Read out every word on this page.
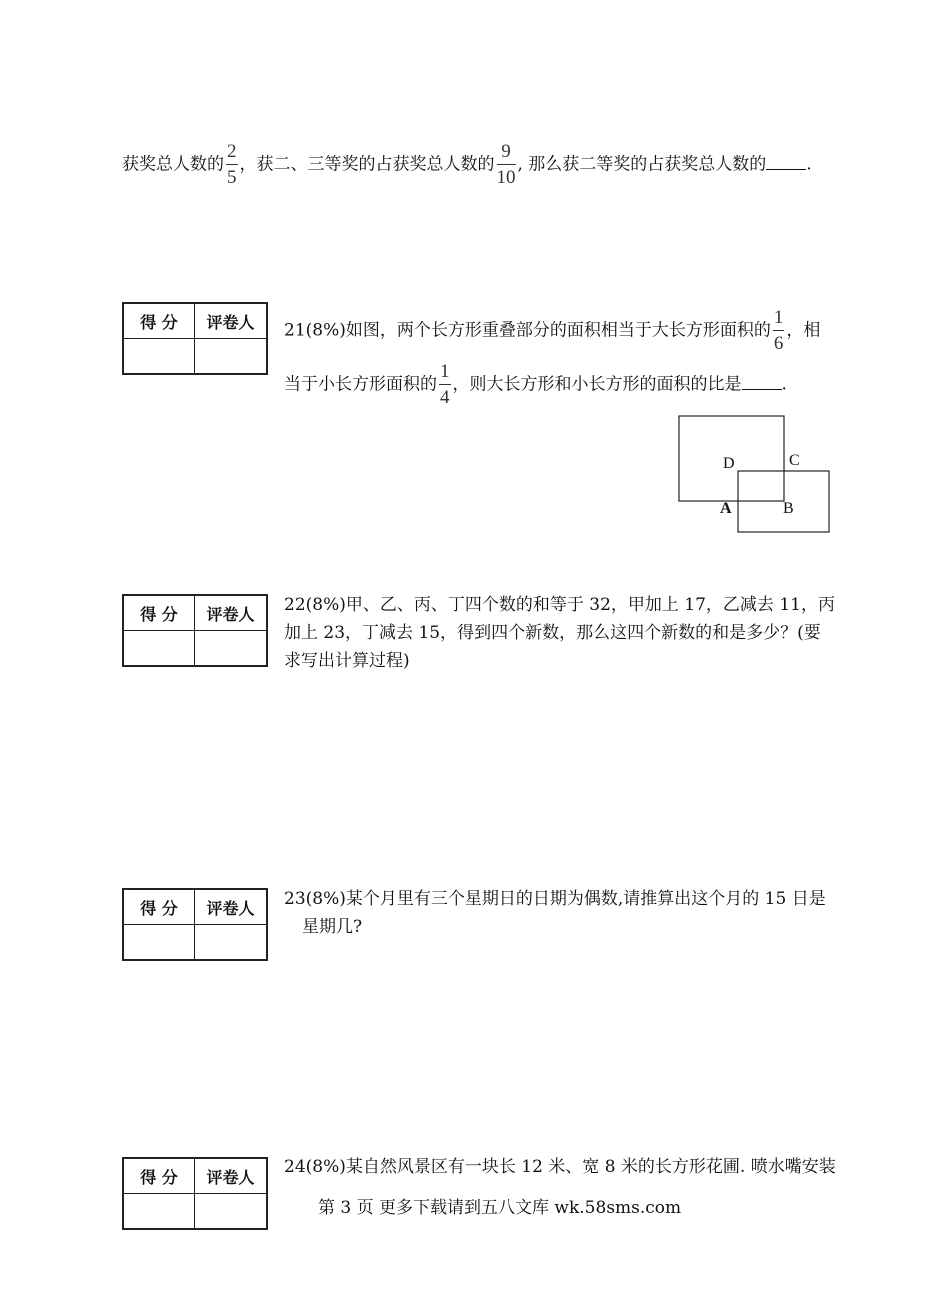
获奖总人数的 $\frac{2}{5}$ ，获二、三等奖的占获奖总人数的 $\frac{9}{10}$ , 那么获二等奖的占获奖总人数的 .
得 分	评卷人
	21(8%)如图，两个长方形重叠部分的面积相当于大长方形面积的 $\frac{1}{6}$ ，相
当于小长方形面积的 $\frac{1}{4}$ ，则大长方形和小长方形的面积的比是 .
D	C
A	B
得 分	评卷人
	22(8%)甲、乙、丙、丁四个数的和等于 32，甲加上 17，乙减去 11，丙
加上 23，丁减去 15，得到四个新数，那么这四个新数的和是多少？(要
求写出计算过程)
得 分	评卷人
	23(8%)某个月里有三个星期日的日期为偶数,请推算出这个月的 15 日是
星期几?
得 分	评卷人
	24(8%)某自然风景区有一块长 12 米、宽 8 米的长方形花圃. 喷水嘴安装
第 3 页 更多下载请到五八文库 wk.58sms.com
